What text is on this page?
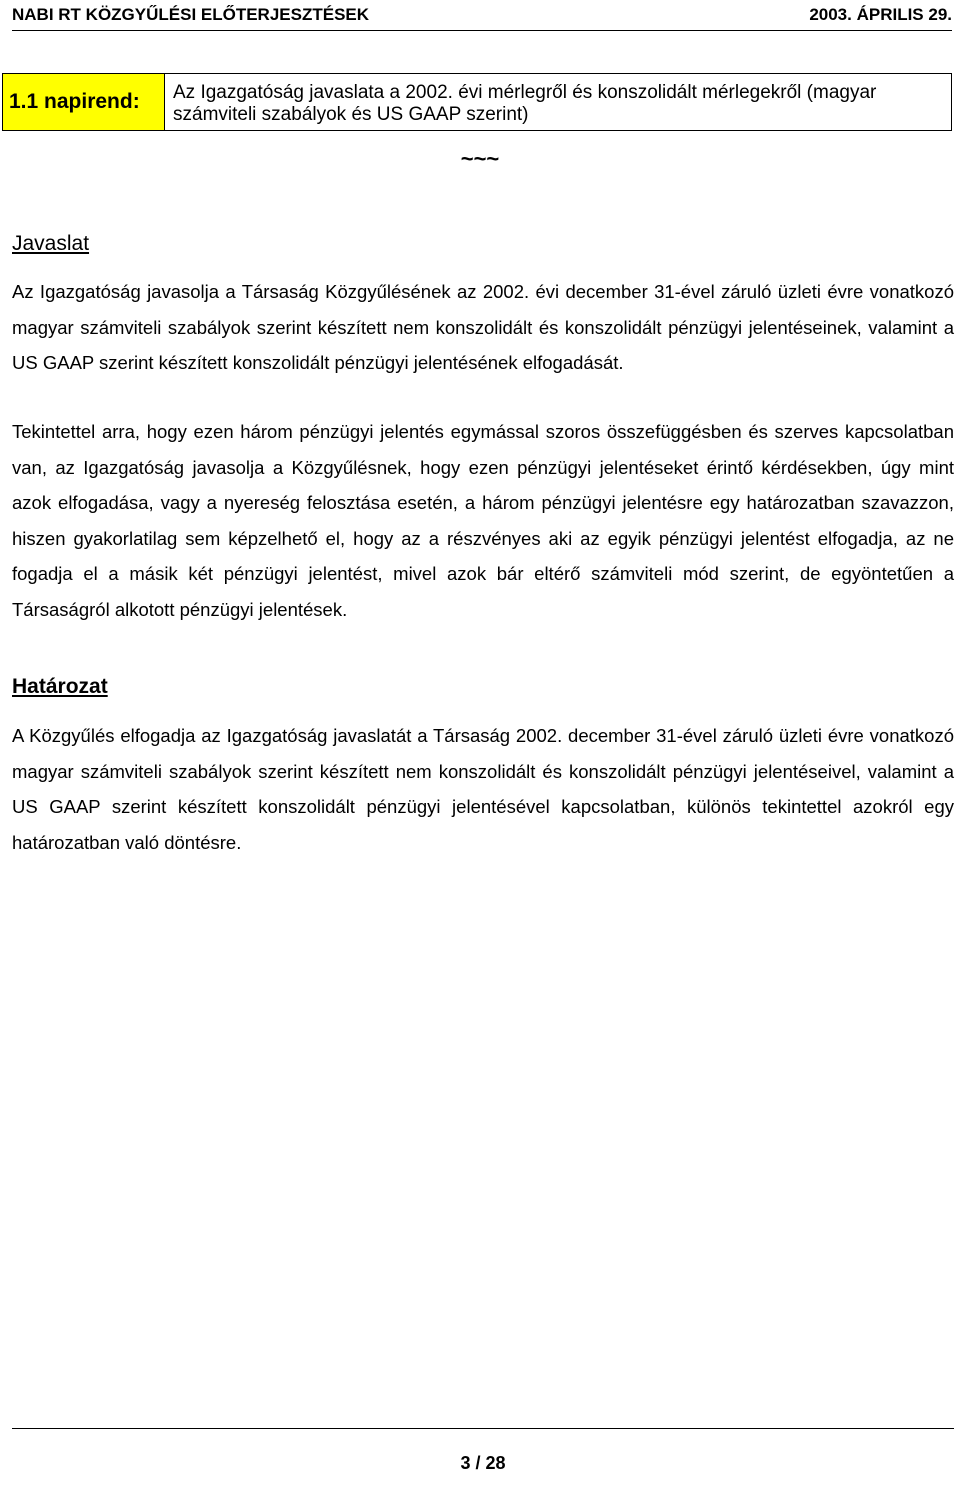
NABI RT KÖZGYŰLÉSI ELŐTERJESZTÉSEK	2003. ÁPRILIS 29.
1.1 napirend:	Az Igazgatóság javaslata a 2002. évi mérlegről és konszolidált mérlegekről (magyar számviteli szabályok és US GAAP szerint)
~~~
Javaslat
Az Igazgatóság javasolja a Társaság Közgyűlésének az 2002. évi december 31-ével záruló üzleti évre vonatkozó magyar számviteli szabályok szerint készített nem konszolidált és konszolidált pénzügyi jelentéseinek, valamint a US GAAP szerint készített konszolidált pénzügyi jelentésének elfogadását.
Tekintettel arra, hogy ezen három pénzügyi jelentés egymással szoros összefüggésben és szerves kapcsolatban van, az Igazgatóság javasolja a Közgyűlésnek, hogy ezen pénzügyi jelentéseket érintő kérdésekben, úgy mint azok elfogadása, vagy a nyereség felosztása esetén, a három pénzügyi jelentésre egy határozatban szavazzon, hiszen gyakorlatilag sem képzelhető el, hogy az a részvényes aki az egyik pénzügyi jelentést elfogadja, az ne fogadja el a másik két pénzügyi jelentést, mivel azok bár eltérő számviteli mód szerint, de egyöntetűen a Társaságról alkotott pénzügyi jelentések.
Határozat
A Közgyűlés elfogadja az Igazgatóság javaslatát a Társaság 2002. december 31-ével záruló üzleti évre vonatkozó magyar számviteli szabályok szerint készített nem konszolidált és konszolidált pénzügyi jelentéseivel, valamint a US GAAP szerint készített konszolidált pénzügyi jelentésével kapcsolatban, különös tekintettel azokról egy határozatban való döntésre.
3 / 28
